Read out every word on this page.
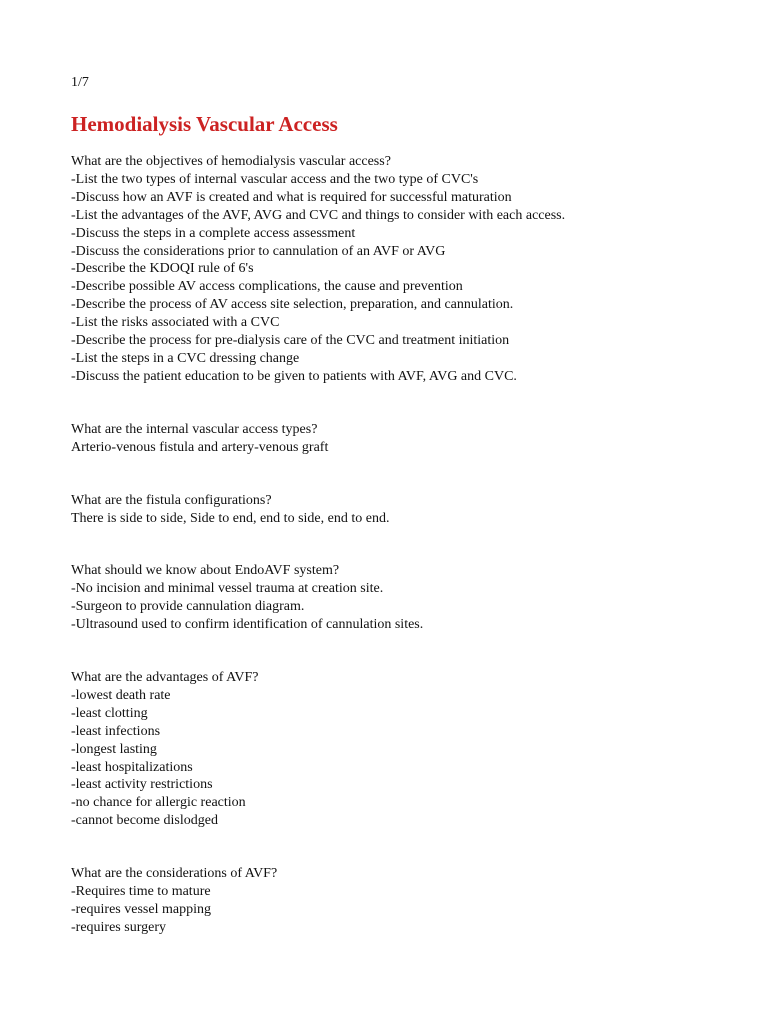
1/7

Hemodialysis Vascular Access
What are the objectives of hemodialysis vascular access?
-List the two types of internal vascular access and the two type of CVC's
-Discuss how an AVF is created and what is required for successful maturation
-List the advantages of the AVF, AVG and CVC and things to consider with each access.
-Discuss the steps in a complete access assessment
-Discuss the considerations prior to cannulation of an AVF or AVG
-Describe the KDOQI rule of 6's
-Describe possible AV access complications, the cause and prevention
-Describe the process of AV access site selection, preparation, and cannulation.
-List the risks associated with a CVC
-Describe the process for pre-dialysis care of the CVC and treatment initiation
-List the steps in a CVC dressing change
-Discuss the patient education to be given to patients with AVF, AVG and CVC.
What are the internal vascular access types?
Arterio-venous fistula and artery-venous graft
What are the fistula configurations?
There is side to side, Side to end, end to side, end to end.
What should we know about EndoAVF system?
-No incision and minimal vessel trauma at creation site.
-Surgeon to provide cannulation diagram.
-Ultrasound used to confirm identification of cannulation sites.
What are the advantages of AVF?
-lowest death rate
-least clotting
-least infections
-longest lasting
-least hospitalizations
-least activity restrictions
-no chance for allergic reaction
-cannot become dislodged
What are the considerations of AVF?
-Requires time to mature
-requires vessel mapping
-requires surgery
